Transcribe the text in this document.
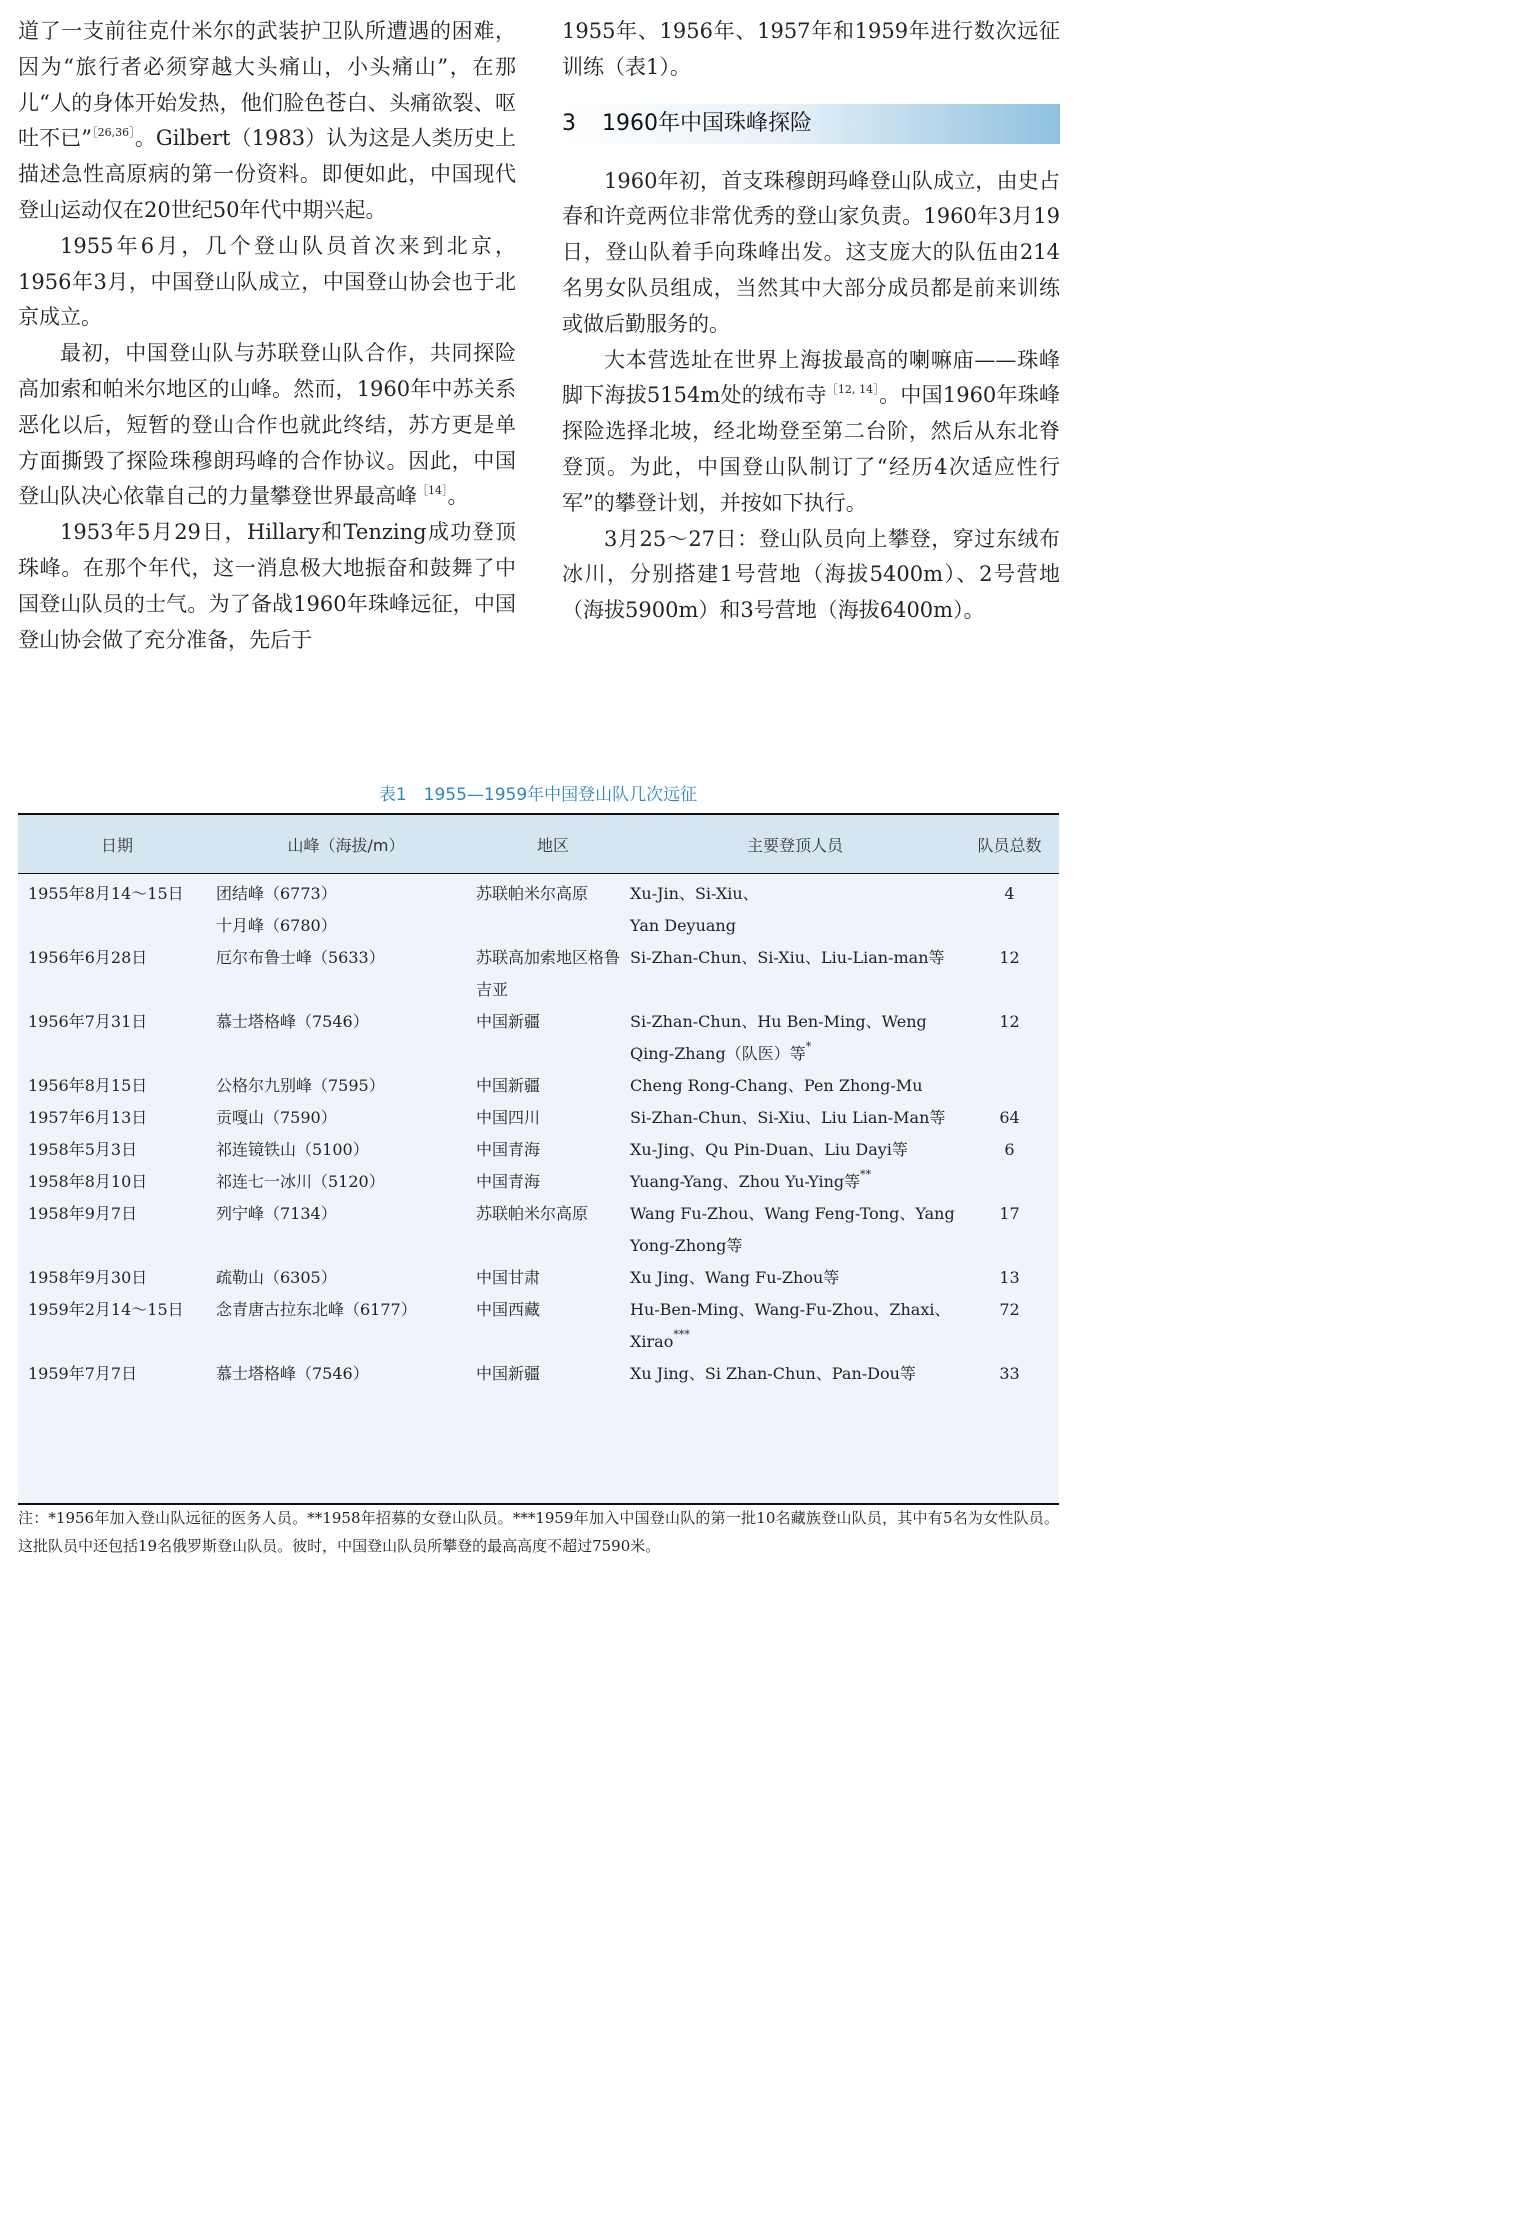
道了一支前往克什米尔的武装护卫队所遭遇的困难，因为“旅行者必须穿越大头痛山，小头痛山”，在那儿“人的身体开始发热，他们脸色苍白、头痛欲裂、呕吐不已”$^{[26,36]}$。Gilbert（1983）认为这是人类历史上描述急性高原病的第一份资料。即便如此，中国现代登山运动仅在20世纪50年代中期兴起。

1955年6月，几个登山队员首次来到北京，1956年3月，中国登山队成立，中国登山协会也于北京成立。

最初，中国登山队与苏联登山队合作，共同探险高加索和帕米尔地区的山峰。然而，1960年中苏关系恶化以后，短暂的登山合作也就此终结，苏方更是单方面撕毁了探险珠穆朗玛峰的合作协议。因此，中国登山队决心依靠自己的力量攀登世界最高峰$^{[14]}$。

1953年5月29日，Hillary和Tenzing成功登顶珠峰。在那个年代，这一消息极大地振奋和鼓舞了中国登山队员的士气。为了备战1960年珠峰远征，中国登山协会做了充分准备，先后于

1955年、1956年、1957年和1959年进行数次远征训练（表1）。

3 1960年中国珠峰探险

1960年初，首支珠穆朗玛峰登山队成立，由史占春和许竞两位非常优秀的登山家负责。1960年3月19日，登山队着手向珠峰出发。这支庞大的队伍由214名男女队员组成，当然其中大部分成员都是前来训练或做后勤服务的。

大本营选址在世界上海拔最高的喇嘛庙——珠峰脚下海拔5154m处的绒布寺$^{[12, 14]}$。中国1960年珠峰探险选择北坡，经北坳登至第二台阶，然后从东北脊登顶。为此，中国登山队制订了“经历4次适应性行军”的攀登计划，并按如下执行。

3月25～27日：登山队员向上攀登，穿过东绒布冰川，分别搭建1号营地（海拔5400m）、2号营地（海拔5900m）和3号营地（海拔6400m）。

表1　1955—1959年中国登山队几次远征
日期	山峰（海拔/m）	地区	主要登顶人员	队员总数
1955年8月14～15日	团结峰（6773）	苏联帕米尔高原	Xu-Jin、Si-Xiu、	4
	十月峰（6780）		Yan Deyuang	
1956年6月28日	厄尔布鲁士峰（5633）	苏联高加索地区格鲁吉亚	Si-Zhan-Chun、Si-Xiu、Liu-Lian-man等	12
1956年7月31日	慕士塔格峰（7546）	中国新疆	Si-Zhan-Chun、Hu Ben-Ming、Weng Qing-Zhang（队医）等*	12
1956年8月15日	公格尔九别峰（7595）	中国新疆	Cheng Rong-Chang、Pen Zhong-Mu	
1957年6月13日	贡嘎山（7590）	中国四川	Si-Zhan-Chun、Si-Xiu、Liu Lian-Man等	64
1958年5月3日	祁连镜铁山（5100）	中国青海	Xu-Jing、Qu Pin-Duan、Liu Dayi等	6
1958年8月10日	祁连七一冰川（5120）	中国青海	Yuang-Yang、Zhou Yu-Ying等**	
1958年9月7日	列宁峰（7134）	苏联帕米尔高原	Wang Fu-Zhou、Wang Feng-Tong、Yang Yong-Zhong等	17
1958年9月30日	疏勒山（6305）	中国甘肃	Xu Jing、Wang Fu-Zhou等	13
1959年2月14～15日	念青唐古拉东北峰（6177）	中国西藏	Hu-Ben-Ming、Wang-Fu-Zhou、Zhaxi、Xirao***	72
1959年7月7日	慕士塔格峰（7546）	中国新疆	Xu Jing、Si Zhan-Chun、Pan-Dou等	33
注：*1956年加入登山队远征的医务人员。**1958年招募的女登山队员。***1959年加入中国登山队的第一批10名藏族登山队员，其中有5名为女性队员。这批队员中还包括19名俄罗斯登山队员。彼时，中国登山队员所攀登的最高高度不超过7590米。
